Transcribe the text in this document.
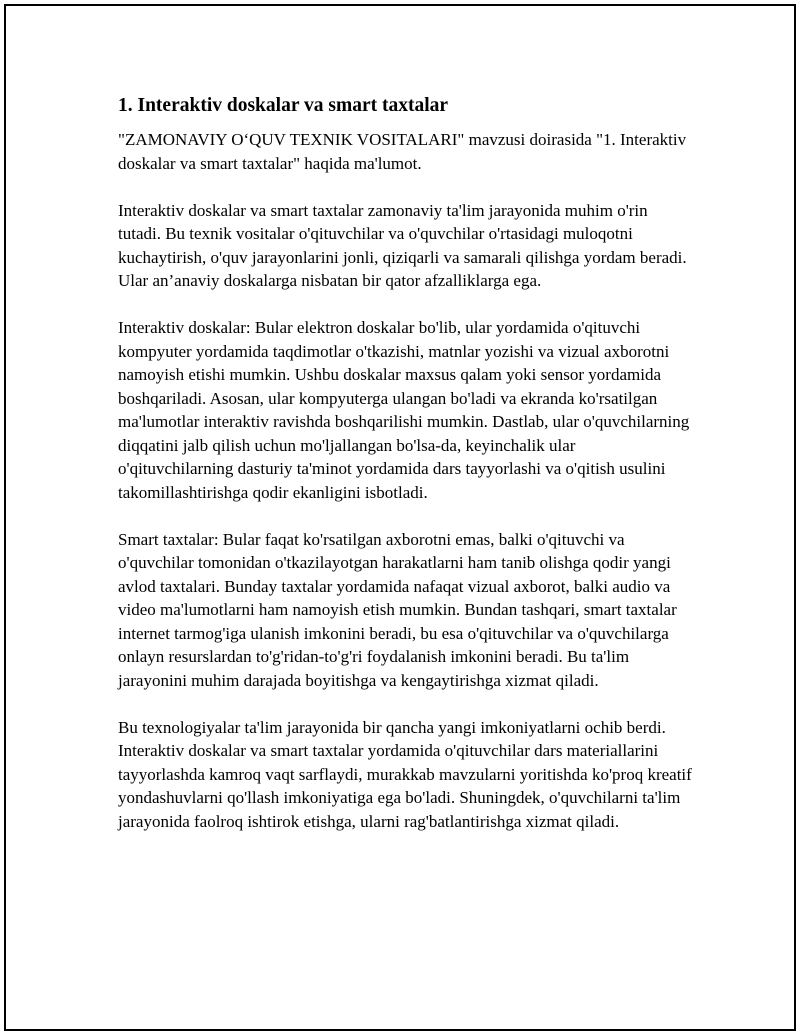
1. Interaktiv doskalar va smart taxtalar

"ZAMONAVIY O‘QUV TEXNIK VOSITALARI" mavzusi doirasida "1. Interaktiv doskalar va smart taxtalar" haqida ma'lumot.

Interaktiv doskalar va smart taxtalar zamonaviy ta'lim jarayonida muhim o'rin tutadi. Bu texnik vositalar o'qituvchilar va o'quvchilar o'rtasidagi muloqotni kuchaytirish, o'quv jarayonlarini jonli, qiziqarli va samarali qilishga yordam beradi. Ular an’anaviy doskalarga nisbatan bir qator afzalliklarga ega.

Interaktiv doskalar: Bular elektron doskalar bo'lib, ular yordamida o'qituvchi kompyuter yordamida taqdimotlar o'tkazishi, matnlar yozishi va vizual axborotni namoyish etishi mumkin. Ushbu doskalar maxsus qalam yoki sensor yordamida boshqariladi. Asosan, ular kompyuterga ulangan bo'ladi va ekranda ko'rsatilgan ma'lumotlar interaktiv ravishda boshqarilishi mumkin. Dastlab, ular o'quvchilarning diqqatini jalb qilish uchun mo'ljallangan bo'lsa-da, keyinchalik ular o'qituvchilarning dasturiy ta'minot yordamida dars tayyorlashi va o'qitish usulini takomillashtirishga qodir ekanligini isbotladi.

Smart taxtalar: Bular faqat ko'rsatilgan axborotni emas, balki o'qituvchi va o'quvchilar tomonidan o'tkazilayotgan harakatlarni ham tanib olishga qodir yangi avlod taxtalari. Bunday taxtalar yordamida nafaqat vizual axborot, balki audio va video ma'lumotlarni ham namoyish etish mumkin. Bundan tashqari, smart taxtalar internet tarmog'iga ulanish imkonini beradi, bu esa o'qituvchilar va o'quvchilarga onlayn resurslardan to'g'ridan-to'g'ri foydalanish imkonini beradi. Bu ta'lim jarayonini muhim darajada boyitishga va kengaytirishga xizmat qiladi.

Bu texnologiyalar ta'lim jarayonida bir qancha yangi imkoniyatlarni ochib berdi. Interaktiv doskalar va smart taxtalar yordamida o'qituvchilar dars materiallarini tayyorlashda kamroq vaqt sarflaydi, murakkab mavzularni yoritishda ko'proq kreatif yondashuvlarni qo'llash imkoniyatiga ega bo'ladi. Shuningdek, o'quvchilarni ta'lim jarayonida faolroq ishtirok etishga, ularni rag'batlantirishga xizmat qiladi.
